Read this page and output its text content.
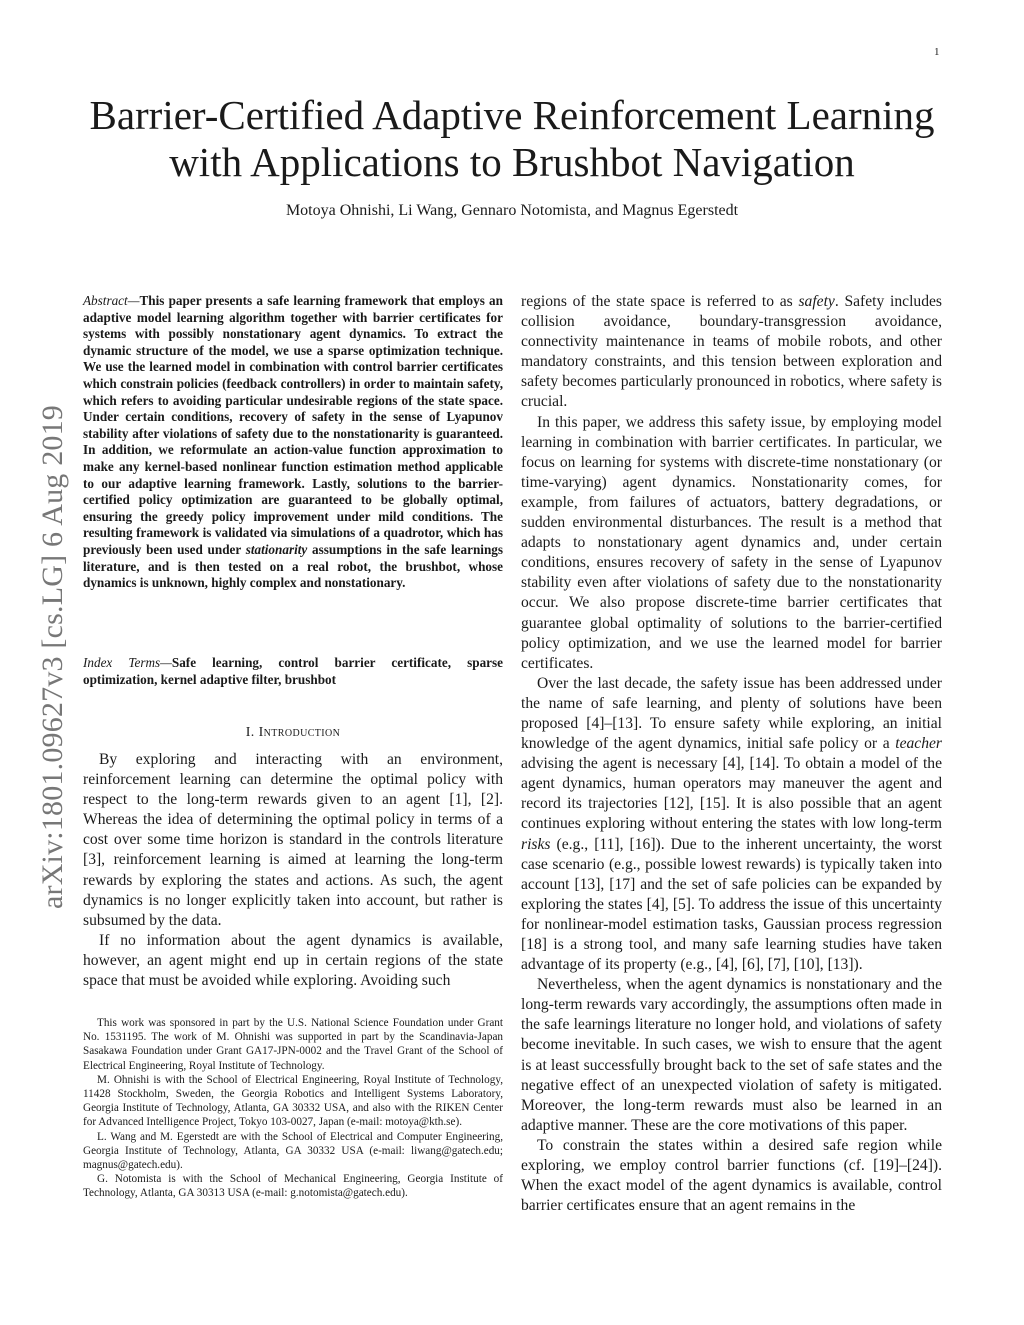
1
arXiv:1801.09627v3 [cs.LG] 6 Aug 2019
Barrier-Certified Adaptive Reinforcement Learning
with Applications to Brushbot Navigation
Motoya Ohnishi, Li Wang, Gennaro Notomista, and Magnus Egerstedt

Abstract—This paper presents a safe learning framework that employs an adaptive model learning algorithm together with barrier certificates for systems with possibly nonstationary agent dynamics. To extract the dynamic structure of the model, we use a sparse optimization technique. We use the learned model in combination with control barrier certificates which constrain policies (feedback controllers) in order to maintain safety, which refers to avoiding particular undesirable regions of the state space. Under certain conditions, recovery of safety in the sense of Lyapunov stability after violations of safety due to the nonstationarity is guaranteed. In addition, we reformulate an action-value function approximation to make any kernel-based nonlinear function estimation method applicable to our adaptive learning framework. Lastly, solutions to the barrier-certified policy optimization are guaranteed to be globally optimal, ensuring the greedy policy improvement under mild conditions. The resulting framework is validated via simulations of a quadrotor, which has previously been used under stationarity assumptions in the safe learnings literature, and is then tested on a real robot, the brushbot, whose dynamics is unknown, highly complex and nonstationary.

Index Terms—Safe learning, control barrier certificate, sparse optimization, kernel adaptive filter, brushbot

I. Introduction

By exploring and interacting with an environment, reinforcement learning can determine the optimal policy with respect to the long-term rewards given to an agent [1], [2]. Whereas the idea of determining the optimal policy in terms of a cost over some time horizon is standard in the controls literature [3], reinforcement learning is aimed at learning the long-term rewards by exploring the states and actions. As such, the agent dynamics is no longer explicitly taken into account, but rather is subsumed by the data.

If no information about the agent dynamics is available, however, an agent might end up in certain regions of the state space that must be avoided while exploring. Avoiding such

This work was sponsored in part by the U.S. National Science Foundation under Grant No. 1531195. The work of M. Ohnishi was supported in part by the Scandinavia-Japan Sasakawa Foundation under Grant GA17-JPN-0002 and the Travel Grant of the School of Electrical Engineering, Royal Institute of Technology.

M. Ohnishi is with the School of Electrical Engineering, Royal Institute of Technology, 11428 Stockholm, Sweden, the Georgia Robotics and Intelligent Systems Laboratory, Georgia Institute of Technology, Atlanta, GA 30332 USA, and also with the RIKEN Center for Advanced Intelligence Project, Tokyo 103-0027, Japan (e-mail: motoya@kth.se).

L. Wang and M. Egerstedt are with the School of Electrical and Computer Engineering, Georgia Institute of Technology, Atlanta, GA 30332 USA (e-mail: liwang@gatech.edu; magnus@gatech.edu).

G. Notomista is with the School of Mechanical Engineering, Georgia Institute of Technology, Atlanta, GA 30313 USA (e-mail: g.notomista@gatech.edu).

regions of the state space is referred to as safety. Safety includes collision avoidance, boundary-transgression avoidance, connectivity maintenance in teams of mobile robots, and other mandatory constraints, and this tension between exploration and safety becomes particularly pronounced in robotics, where safety is crucial.

In this paper, we address this safety issue, by employing model learning in combination with barrier certificates. In particular, we focus on learning for systems with discrete-time nonstationary (or time-varying) agent dynamics. Nonstationarity comes, for example, from failures of actuators, battery degradations, or sudden environmental disturbances. The result is a method that adapts to nonstationary agent dynamics and, under certain conditions, ensures recovery of safety in the sense of Lyapunov stability even after violations of safety due to the nonstationarity occur. We also propose discrete-time barrier certificates that guarantee global optimality of solutions to the barrier-certified policy optimization, and we use the learned model for barrier certificates.

Over the last decade, the safety issue has been addressed under the name of safe learning, and plenty of solutions have been proposed [4]–[13]. To ensure safety while exploring, an initial knowledge of the agent dynamics, initial safe policy or a teacher advising the agent is necessary [4], [14]. To obtain a model of the agent dynamics, human operators may maneuver the agent and record its trajectories [12], [15]. It is also possible that an agent continues exploring without entering the states with low long-term risks (e.g., [11], [16]). Due to the inherent uncertainty, the worst case scenario (e.g., possible lowest rewards) is typically taken into account [13], [17] and the set of safe policies can be expanded by exploring the states [4], [5]. To address the issue of this uncertainty for nonlinear-model estimation tasks, Gaussian process regression [18] is a strong tool, and many safe learning studies have taken advantage of its property (e.g., [4], [6], [7], [10], [13]).

Nevertheless, when the agent dynamics is nonstationary and the long-term rewards vary accordingly, the assumptions often made in the safe learnings literature no longer hold, and violations of safety become inevitable. In such cases, we wish to ensure that the agent is at least successfully brought back to the set of safe states and the negative effect of an unexpected violation of safety is mitigated. Moreover, the long-term rewards must also be learned in an adaptive manner. These are the core motivations of this paper.

To constrain the states within a desired safe region while exploring, we employ control barrier functions (cf. [19]–[24]). When the exact model of the agent dynamics is available, control barrier certificates ensure that an agent remains in the
